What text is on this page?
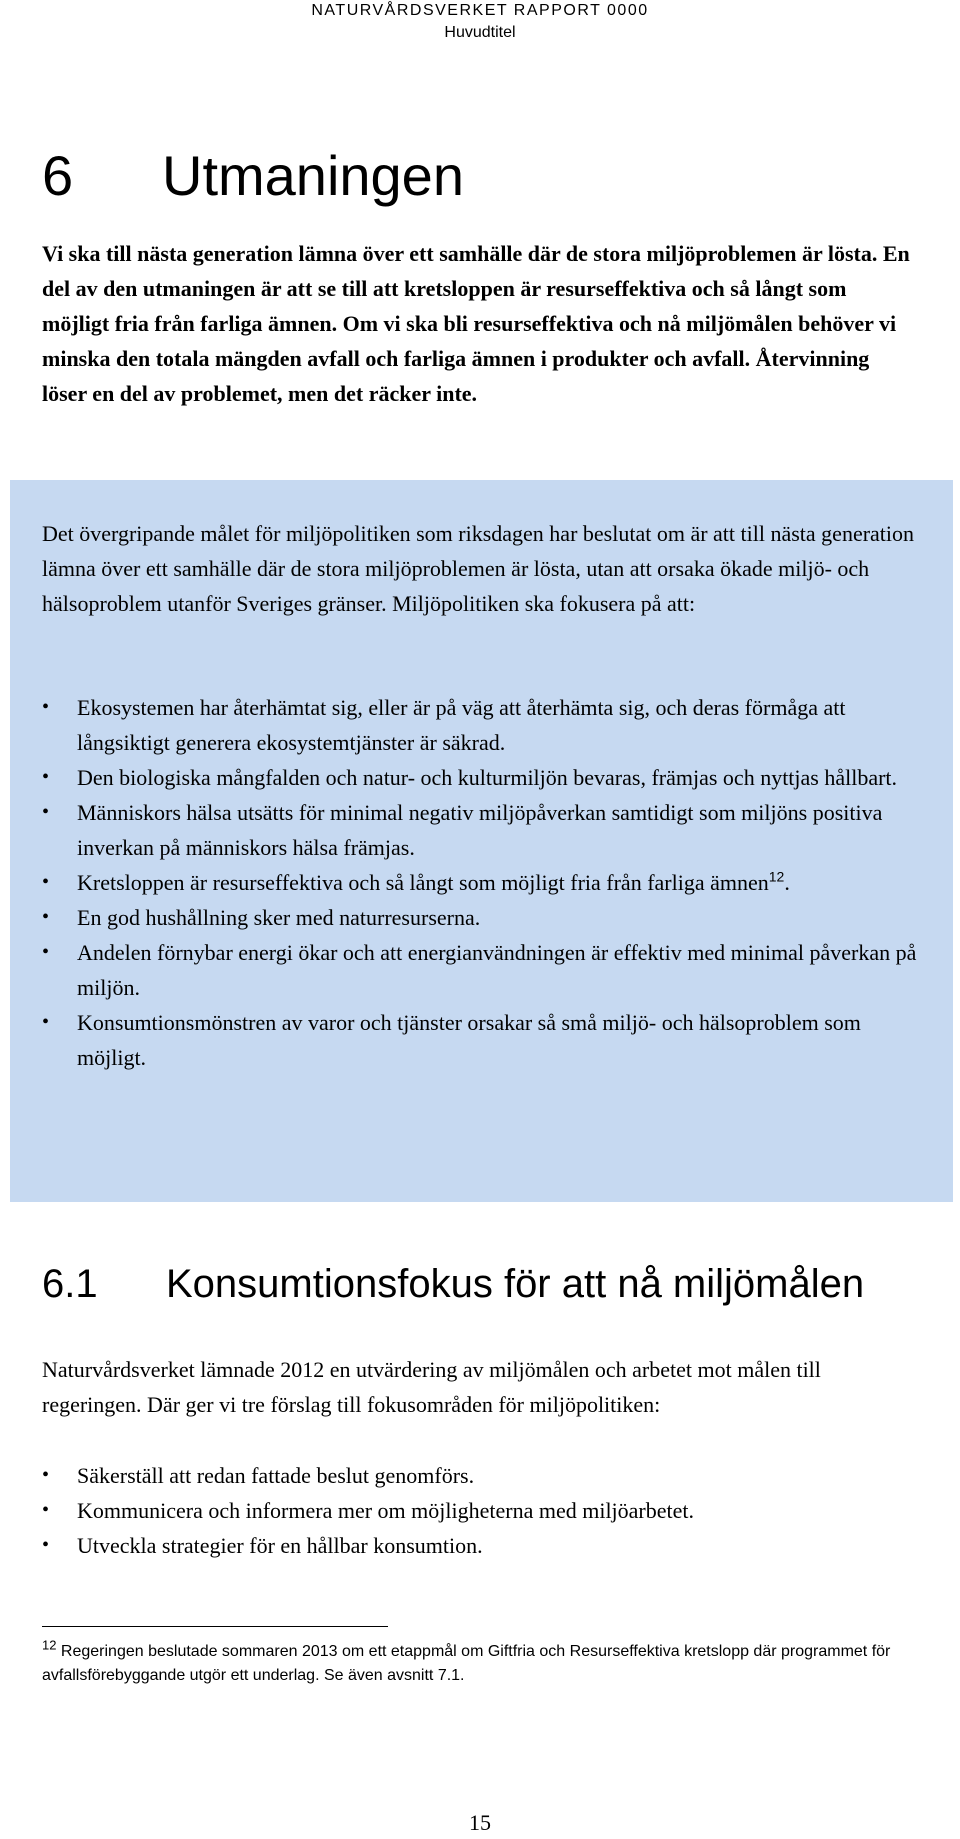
NATURVÅRDSVERKET RAPPORT 0000
Huvudtitel
6 Utmaningen

Vi ska till nästa generation lämna över ett samhälle där de stora miljöproblemen är lösta. En del av den utmaningen är att se till att kretsloppen är resurseffektiva och så långt som möjligt fria från farliga ämnen. Om vi ska bli resurseffektiva och nå miljömålen behöver vi minska den totala mängden avfall och farliga ämnen i produkter och avfall. Återvinning löser en del av problemet, men det räcker inte.

Det övergripande målet för miljöpolitiken som riksdagen har beslutat om är att till nästa generation lämna över ett samhälle där de stora miljöproblemen är lösta, utan att orsaka ökade miljö- och hälsoproblem utanför Sveriges gränser. Miljöpolitiken ska fokusera på att:

•	Ekosystemen har återhämtat sig, eller är på väg att återhämta sig, och deras förmåga att långsiktigt generera ekosystemtjänster är säkrad.
•	Den biologiska mångfalden och natur- och kulturmiljön bevaras, främjas och nyttjas hållbart.
•	Människors hälsa utsätts för minimal negativ miljöpåverkan samtidigt som miljöns positiva inverkan på människors hälsa främjas.
•	Kretsloppen är resurseffektiva och så långt som möjligt fria från farliga ämnen$^{12}$.
•	En god hushållning sker med naturresurserna.
•	Andelen förnybar energi ökar och att energianvändningen är effektiv med minimal påverkan på miljön.
•	Konsumtionsmönstren av varor och tjänster orsakar så små miljö- och hälsoproblem som möjligt.
6.1 Konsumtionsfokus för att nå miljömålen

Naturvårdsverket lämnade 2012 en utvärdering av miljömålen och arbetet mot målen till regeringen. Där ger vi tre förslag till fokusområden för miljöpolitiken:

•	Säkerställ att redan fattade beslut genomförs.
•	Kommunicera och informera mer om möjligheterna med miljöarbetet.
•	Utveckla strategier för en hållbar konsumtion.

$^{12}$ Regeringen beslutade sommaren 2013 om ett etappmål om Giftfria och Resurseffektiva kretslopp där programmet för avfallsförebyggande utgör ett underlag. Se även avsnitt 7.1.

15
